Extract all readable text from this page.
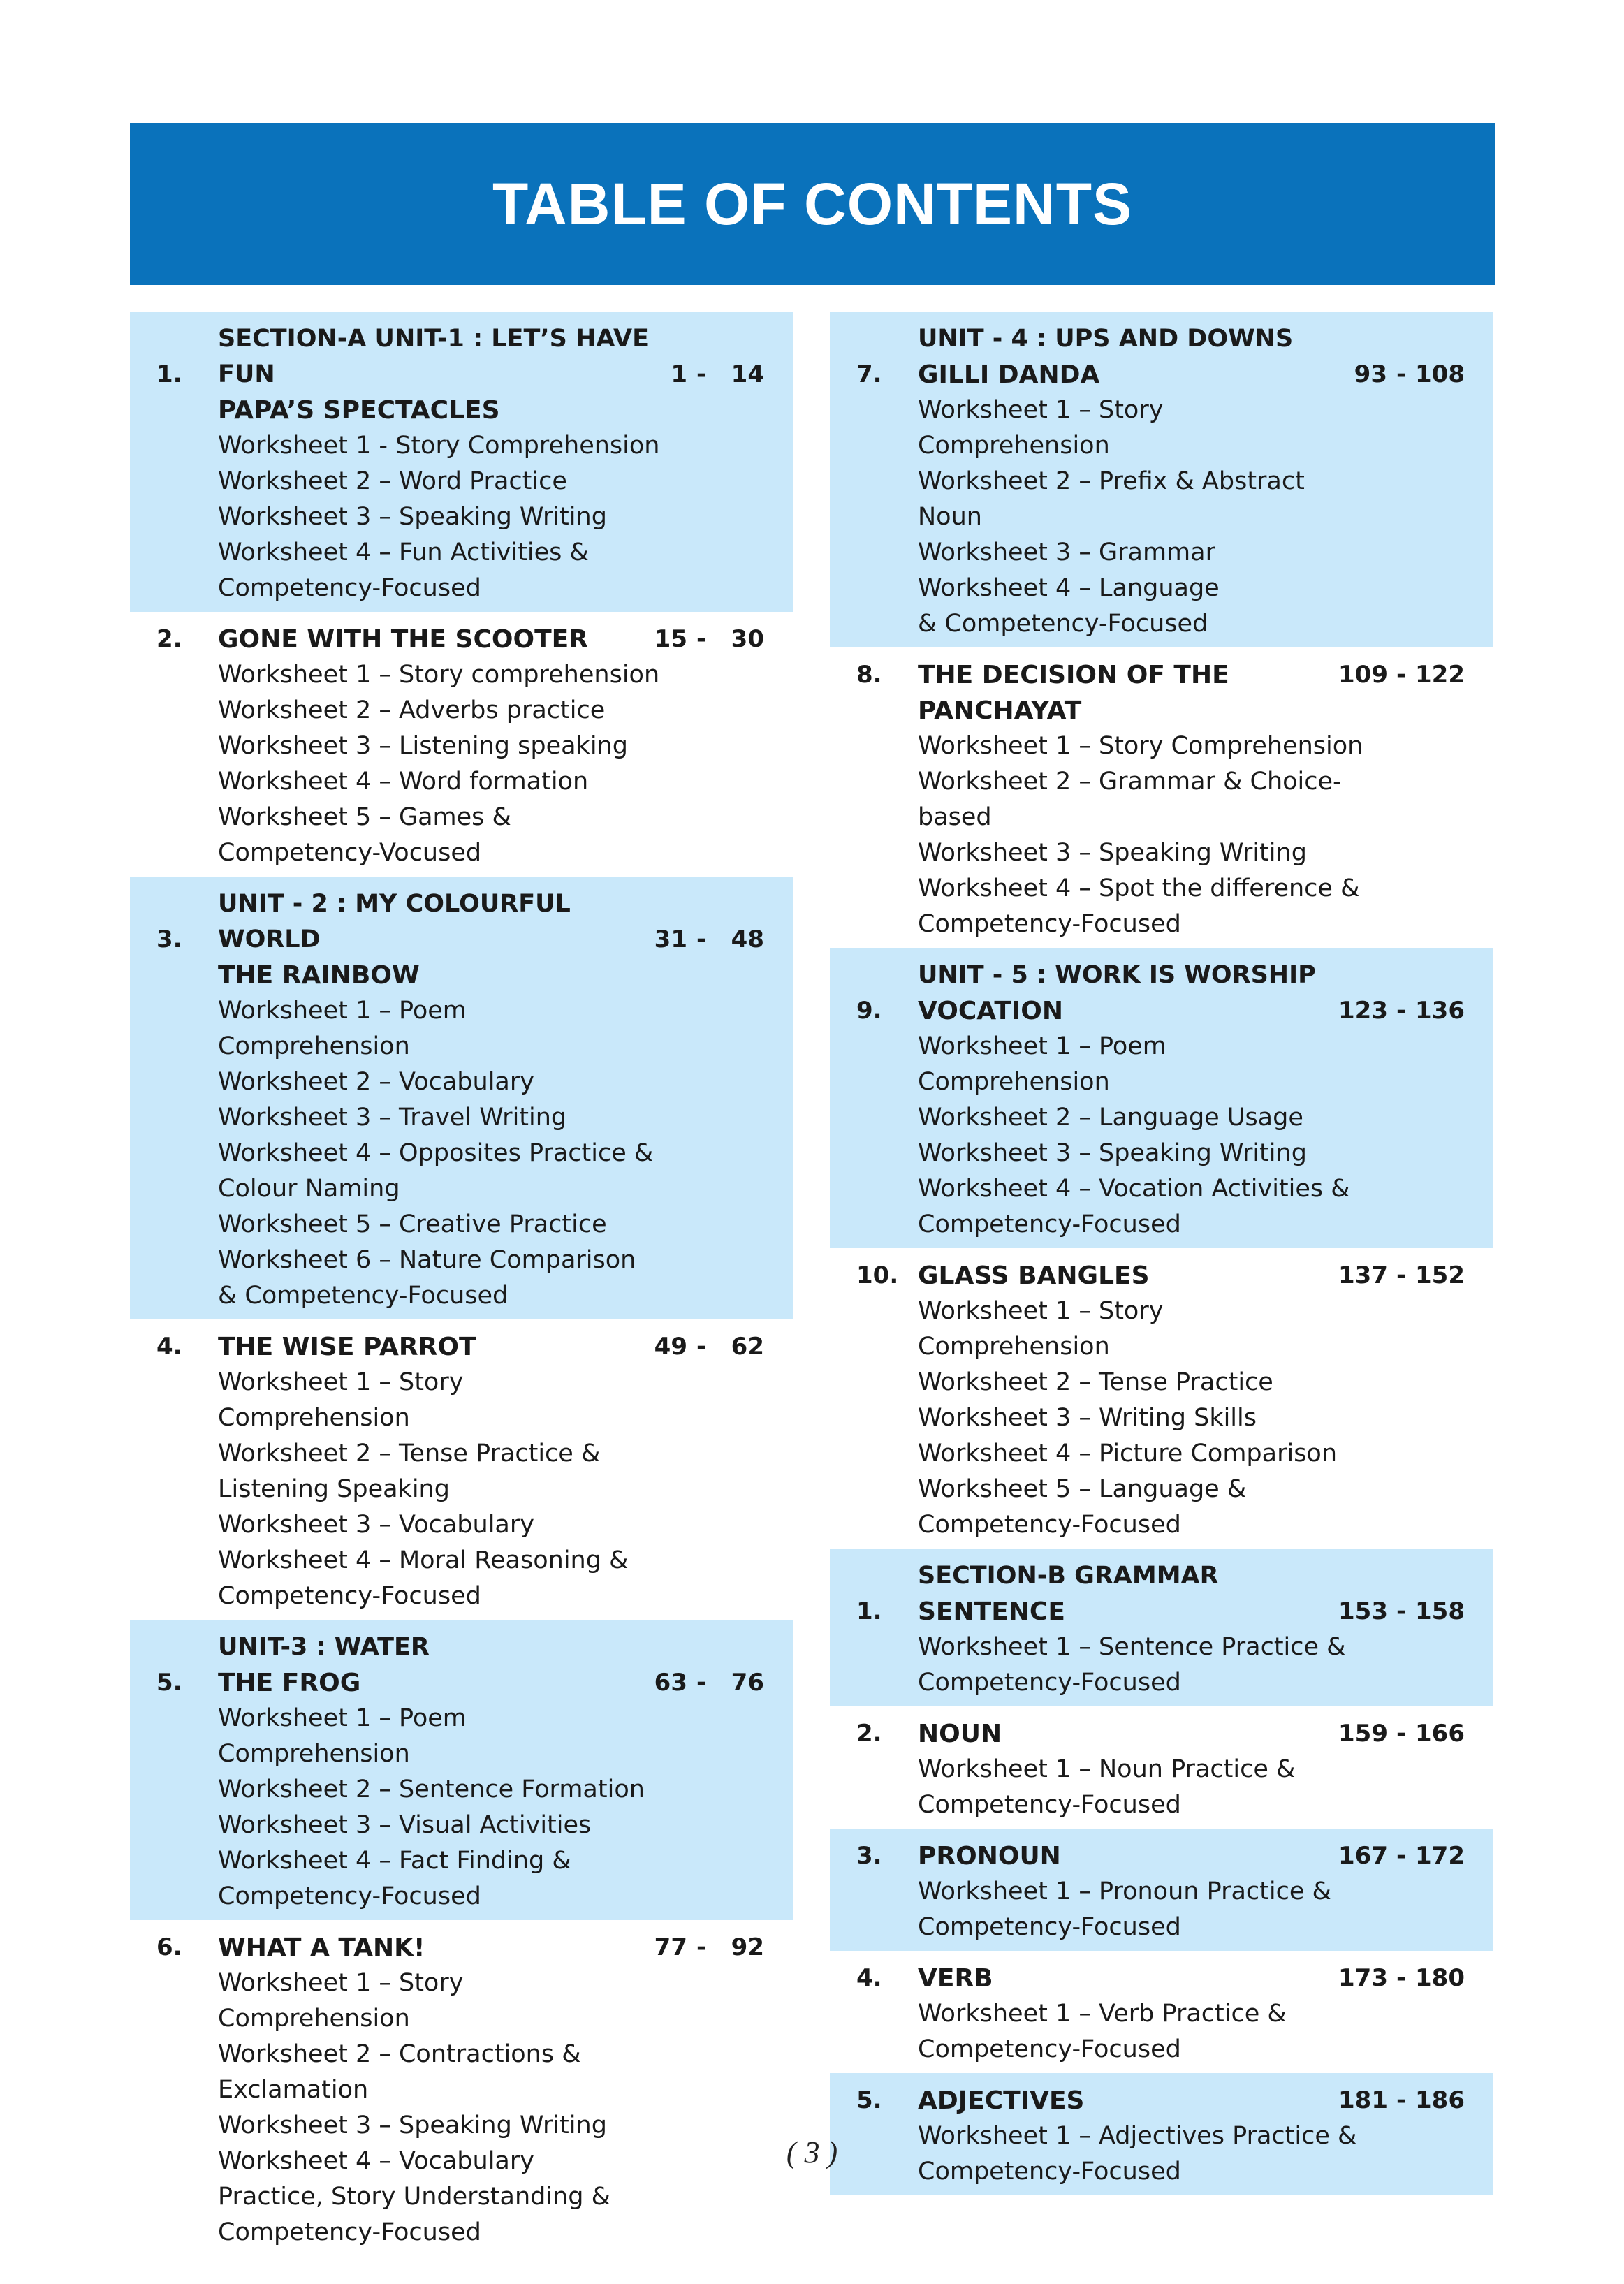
TABLE OF CONTENTS
1.
SECTION-A UNIT-1 : LET’S HAVE FUN
PAPA’S SPECTACLES
Worksheet 1 - Story Comprehension
Worksheet 2 – Word Practice
Worksheet 3 – Speaking Writing
Worksheet 4 – Fun Activities &
Competency-Focused
1 -	14
2. GONE WITH THE SCOOTER
Worksheet 1 – Story comprehension
Worksheet 2 – Adverbs practice
Worksheet 3 – Listening speaking
Worksheet 4 – Word formation
Worksheet 5 – Games &
Competency-Vocused
15 -	30
3.
UNIT - 2 : MY COLOURFUL WORLD
THE RAINBOW
Worksheet 1 – Poem
Comprehension
Worksheet 2 – Vocabulary
Worksheet 3 – Travel Writing
Worksheet 4 – Opposites Practice &
Colour Naming
Worksheet 5 – Creative Practice
Worksheet 6 – Nature Comparison
& Competency-Focused
31 -	48
4. THE WISE PARROT
Worksheet 1 – Story
Comprehension
Worksheet 2 – Tense Practice &
Listening Speaking
Worksheet 3 – Vocabulary
Worksheet 4 – Moral Reasoning &
Competency-Focused
49 -	62
5.
UNIT-3 : WATER
THE FROG
Worksheet 1 – Poem
Comprehension
Worksheet 2 – Sentence Formation
Worksheet 3 – Visual Activities
Worksheet 4 – Fact Finding &
Competency-Focused
63 -	76
6. WHAT A TANK!
Worksheet 1 – Story
Comprehension
Worksheet 2 – Contractions &
Exclamation
Worksheet 3 – Speaking Writing
Worksheet 4 – Vocabulary
Practice, Story Understanding &
Competency-Focused
77 -	92
7.
UNIT - 4 : UPS AND DOWNS
GILLI DANDA
Worksheet 1 – Story
Comprehension
Worksheet 2 – Prefix & Abstract
Noun
Worksheet 3 – Grammar
Worksheet 4 – Language
& Competency-Focused
93 - 108
8. THE DECISION OF THE
PANCHAYAT
Worksheet 1 – Story Comprehension
Worksheet 2 – Grammar & Choice-
based
Worksheet 3 – Speaking Writing
Worksheet 4 – Spot the difference &
Competency-Focused
109 - 122
9.
UNIT - 5 : WORK IS WORSHIP
VOCATION
Worksheet 1 – Poem
Comprehension
Worksheet 2 – Language Usage
Worksheet 3 – Speaking Writing
Worksheet 4 – Vocation Activities &
Competency-Focused
123 - 136
10. GLASS BANGLES
Worksheet 1 – Story
Comprehension
Worksheet 2 – Tense Practice
Worksheet 3 – Writing Skills
Worksheet 4 – Picture Comparison
Worksheet 5 – Language &
Competency-Focused
137 - 152
1.
SECTION-B GRAMMAR
SENTENCE
Worksheet 1 – Sentence Practice &
Competency-Focused
153 - 158
2. NOUN
Worksheet 1 – Noun Practice &
Competency-Focused
159 - 166
3. PRONOUN
Worksheet 1 – Pronoun Practice &
Competency-Focused
167 - 172
4. VERB
Worksheet 1 – Verb Practice &
Competency-Focused
173 - 180
5. ADJECTIVES
Worksheet 1 – Adjectives Practice &
Competency-Focused
181 - 186
( 3 )
